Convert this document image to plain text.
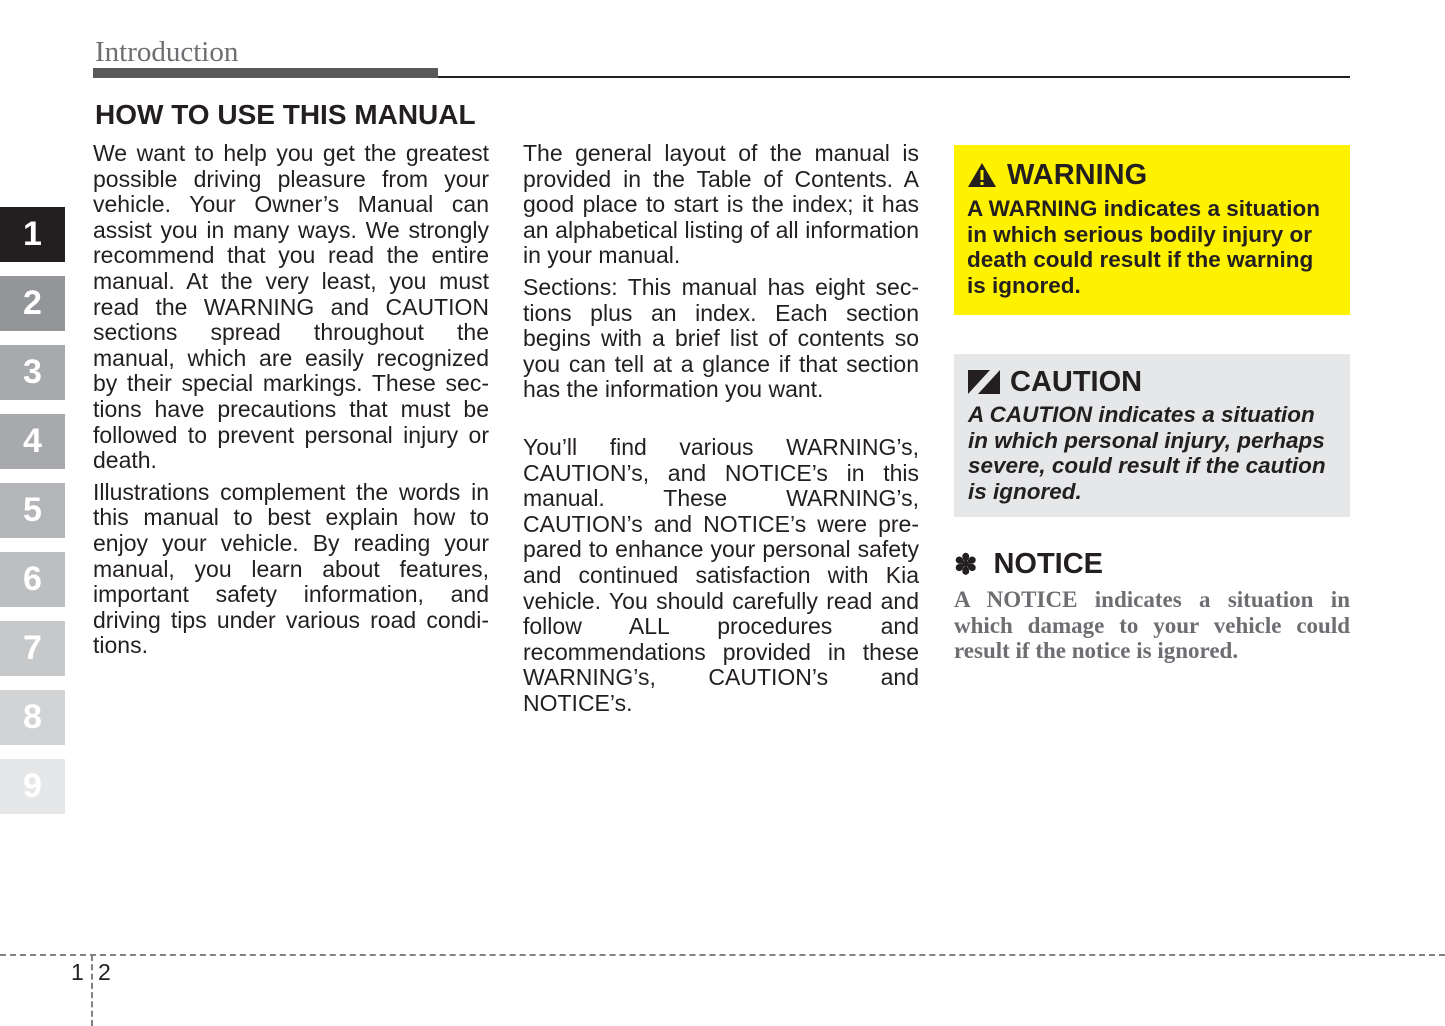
Introduction
1
2
3
4
5
6
7
8
9
HOW TO USE THIS MANUAL

We want to help you get the greatest possible driving pleasure from your vehicle. Your Owner’s Manual can assist you in many ways. We strongly recommend that you read the entire manual. At the very least, you must read the WARNING and CAUTION sections spread throughout the manual, which are easily recognized by their special markings. These sections have precautions that must be followed to prevent personal injury or death.

Illustrations complement the words in this manual to best explain how to enjoy your vehicle. By reading your manual, you learn about features, important safety information, and driving tips under various road conditions.

The general layout of the manual is provided in the Table of Contents. A good place to start is the index; it has an alphabetical listing of all information in your manual.

Sections: This manual has eight sections plus an index. Each section begins with a brief list of contents so you can tell at a glance if that section has the information you want.

You’ll find various WARNING’s, CAUTION’s, and NOTICE’s in this manual. These WARNING’s, CAUTION’s and NOTICE’s were prepared to enhance your personal safety and continued satisfaction with Kia vehicle. You should carefully read and follow ALL procedures and recommendations provided in these WARNING’s, CAUTION’s and NOTICE’s.

WARNING
A WARNING indicates a situation in which serious bodily injury or death could result if the warning is ignored.
CAUTION
A CAUTION indicates a situation in which personal injury, perhaps severe, could result if the caution is ignored.
✽ NOTICE
A NOTICE indicates a situation in which damage to your vehicle could result if the notice is ignored.
1 2
